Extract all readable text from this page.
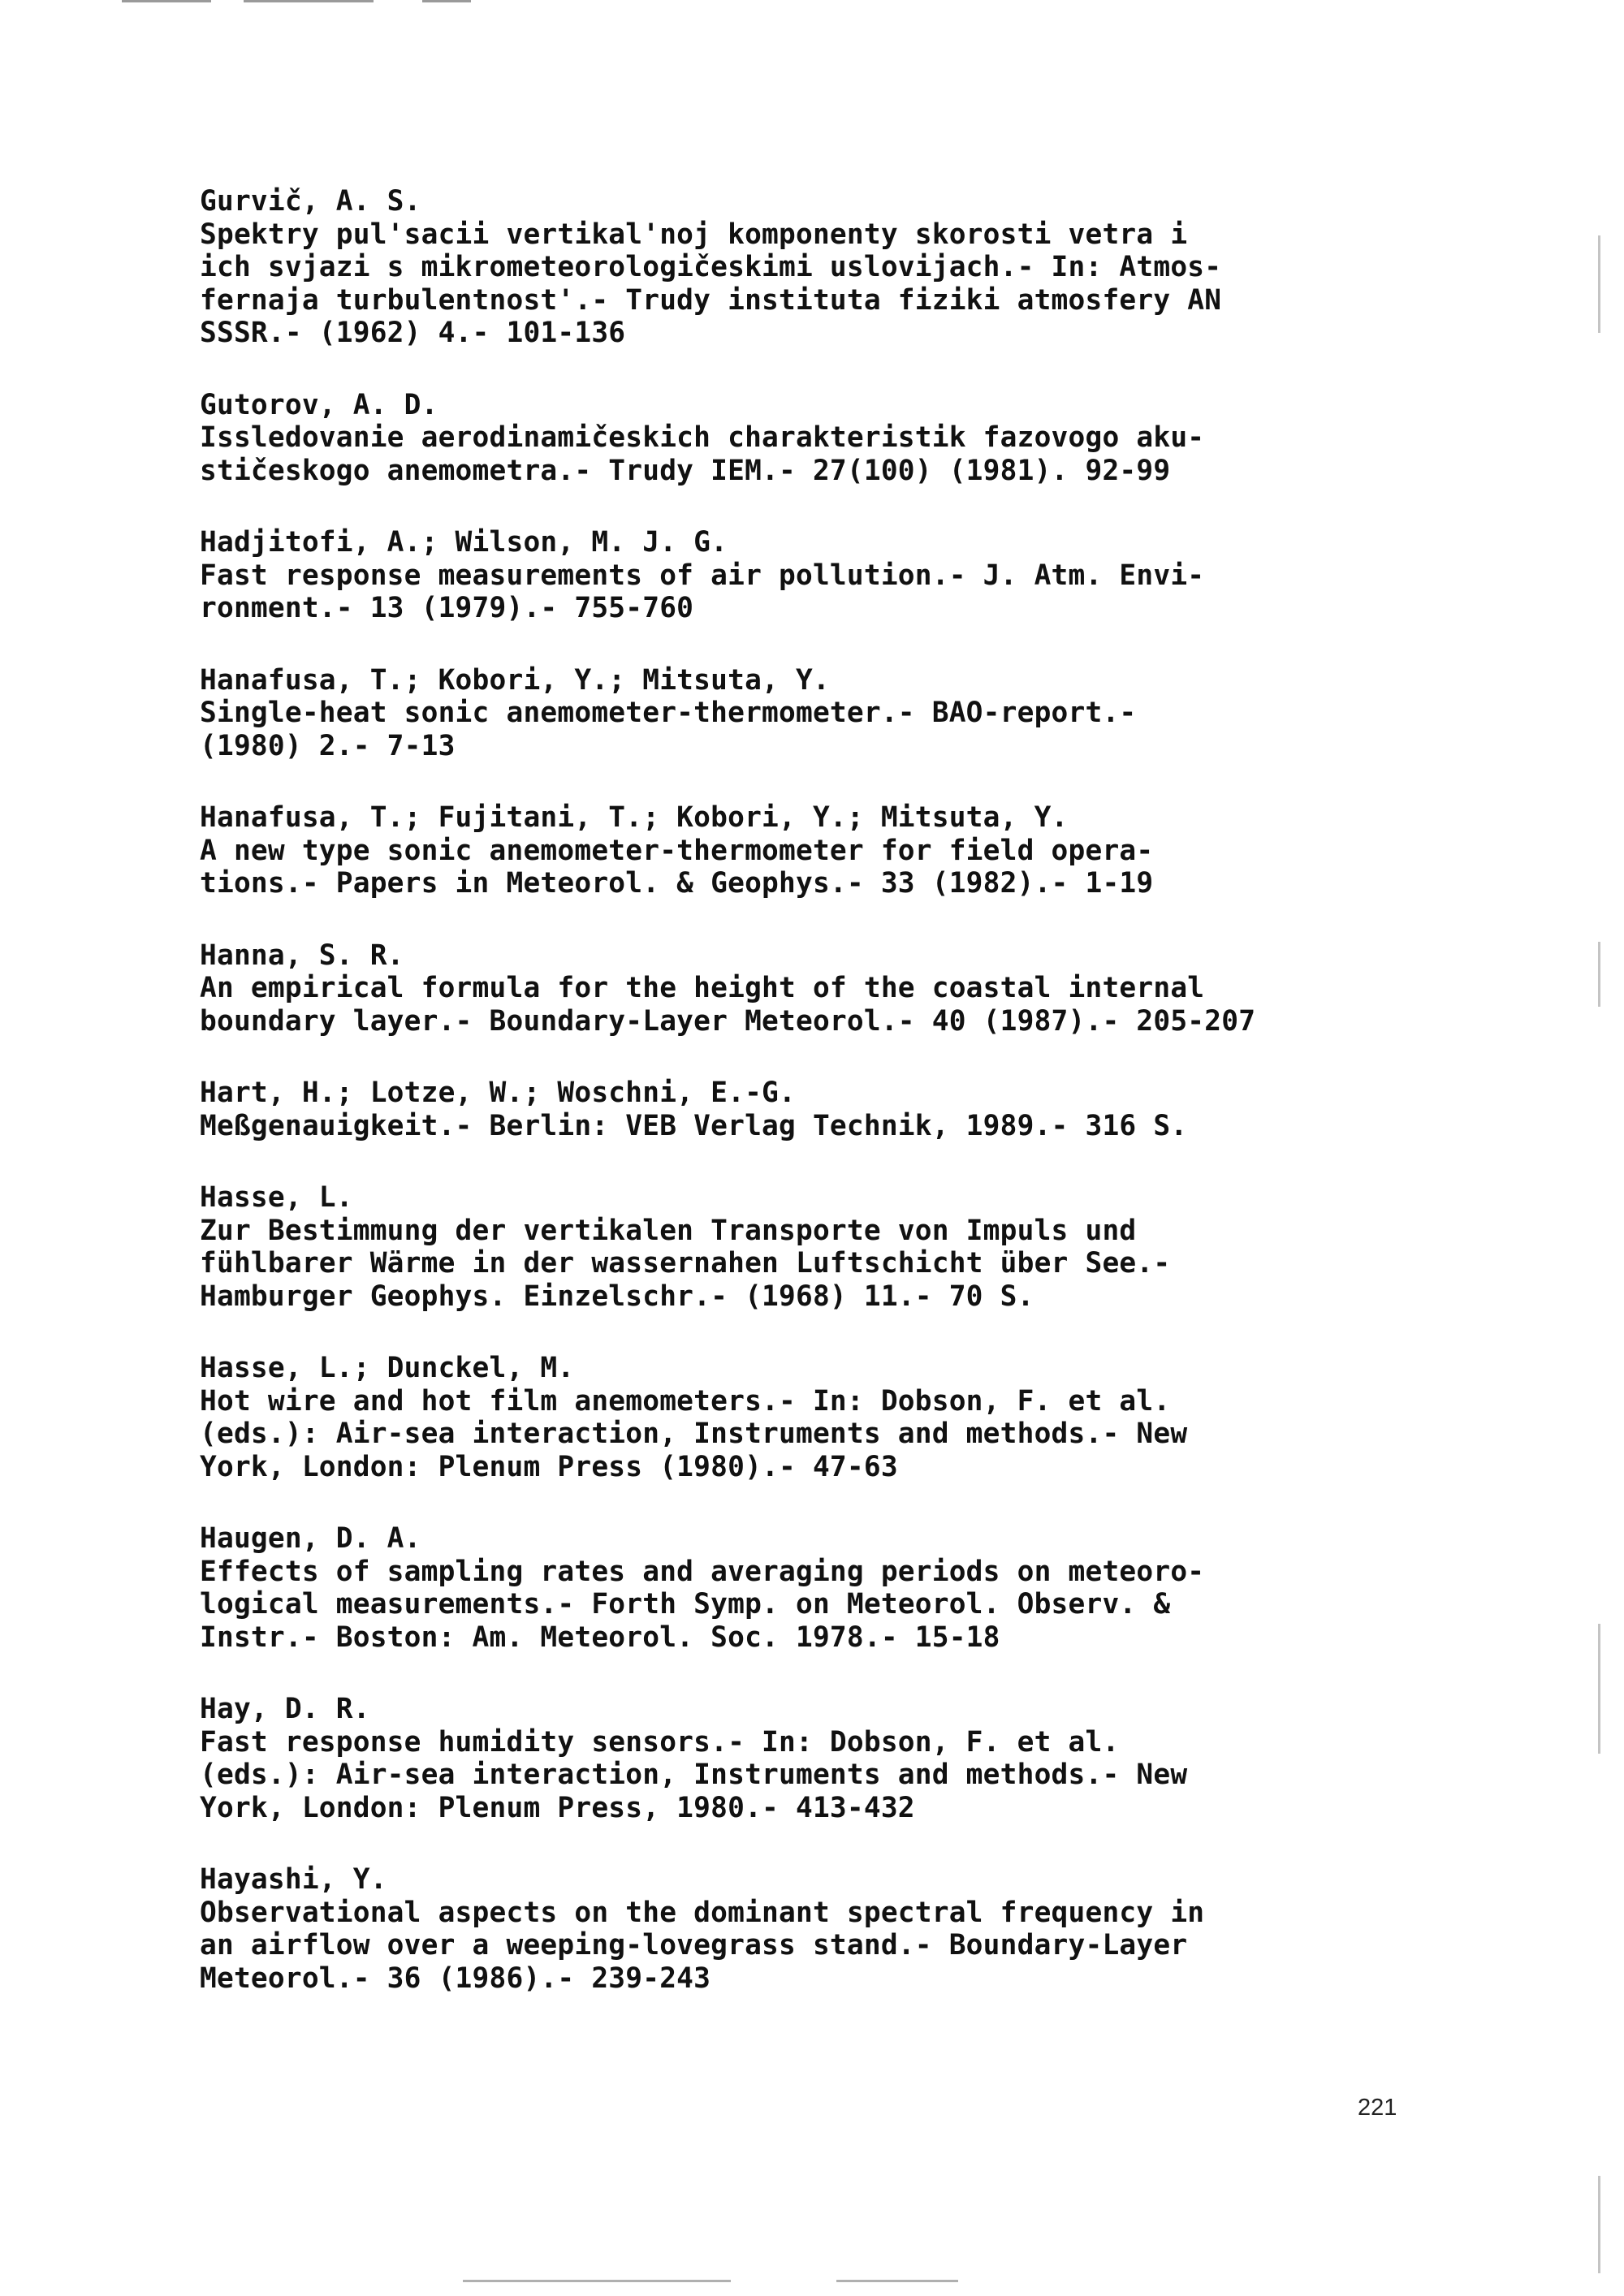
Gurvič, A. S.
Spektry pul'sacii vertikal'noj komponenty skorosti vetra i
ich svjazi s mikrometeorologičeskimi uslovijach.- In: Atmos-
fernaja turbulentnost'.- Trudy instituta fiziki atmosfery AN
SSSR.- (1962) 4.- 101-136
Gutorov, A. D.
Issledovanie aerodinamičeskich charakteristik fazovogo aku-
stičeskogo anemometra.- Trudy IEM.- 27(100) (1981). 92-99
Hadjitofi, A.; Wilson, M. J. G.
Fast response measurements of air pollution.- J. Atm. Envi-
ronment.- 13 (1979).- 755-760
Hanafusa, T.; Kobori, Y.; Mitsuta, Y.
Single-heat sonic anemometer-thermometer.- BAO-report.-
(1980) 2.- 7-13
Hanafusa, T.; Fujitani, T.; Kobori, Y.; Mitsuta, Y.
A new type sonic anemometer-thermometer for field opera-
tions.- Papers in Meteorol. & Geophys.- 33 (1982).- 1-19
Hanna, S. R.
An empirical formula for the height of the coastal internal
boundary layer.- Boundary-Layer Meteorol.- 40 (1987).- 205-207
Hart, H.; Lotze, W.; Woschni, E.-G.
Meßgenauigkeit.- Berlin: VEB Verlag Technik, 1989.- 316 S.
Hasse, L.
Zur Bestimmung der vertikalen Transporte von Impuls und
fühlbarer Wärme in der wassernahen Luftschicht über See.-
Hamburger Geophys. Einzelschr.- (1968) 11.- 70 S.
Hasse, L.; Dunckel, M.
Hot wire and hot film anemometers.- In: Dobson, F. et al.
(eds.): Air-sea interaction, Instruments and methods.- New
York, London: Plenum Press (1980).- 47-63
Haugen, D. A.
Effects of sampling rates and averaging periods on meteoro-
logical measurements.- Forth Symp. on Meteorol. Observ. &
Instr.- Boston: Am. Meteorol. Soc. 1978.- 15-18
Hay, D. R.
Fast response humidity sensors.- In: Dobson, F. et al.
(eds.): Air-sea interaction, Instruments and methods.- New
York, London: Plenum Press, 1980.- 413-432
Hayashi, Y.
Observational aspects on the dominant spectral frequency in
an airflow over a weeping-lovegrass stand.- Boundary-Layer
Meteorol.- 36 (1986).- 239-243
221
